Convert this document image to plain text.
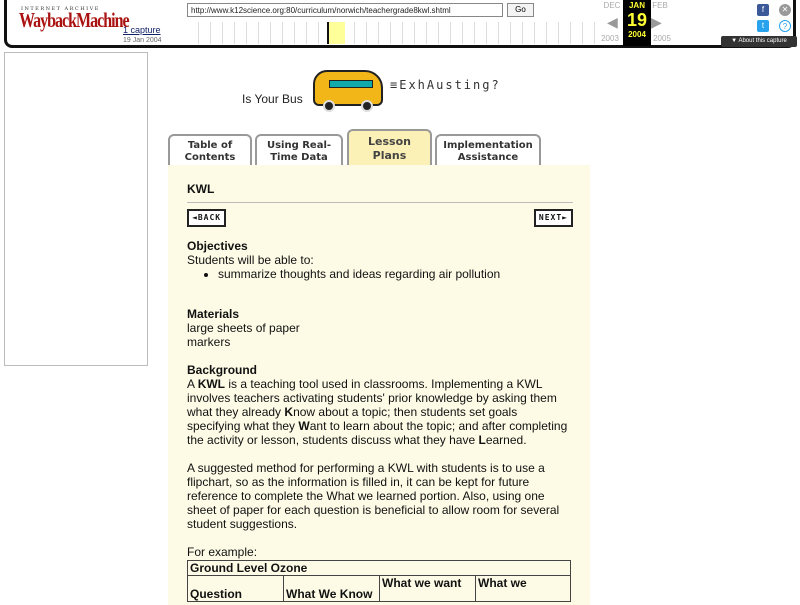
INTERNET ARCHIVE
WaybackMachine
1 capture
19 Jan 2004
http://www.k12science.org:80/curriculum/norwich/teachergrade8kwl.shtml
Go	DEC
◀
2003
JAN
19
2004
▶
FEB
2005
f	✕
t	?
▼ About this capture
Is Your Bus
≡ExhAusting?
Table of
Contents
Using Real-
Time Data
Lesson
Plans
Implementation
Assistance
KWL
◄BACK	NEXT►
Objectives
Students will be able to:
• summarize thoughts and ideas regarding air pollution
Materials
large sheets of paper
markers
Background

A KWL is a teaching tool used in classrooms. Implementing a KWL involves teachers activating students' prior knowledge by asking them what they already Know about a topic; then students set goals specifying what they Want to learn about the topic; and after completing the activity or lesson, students discuss what they have Learned.

A suggested method for performing a KWL with students is to use a flipchart, so as the information is filled in, it can be kept for future reference to complete the What we learned portion. Also, using one sheet of paper for each question is beneficial to allow room for several student suggestions.

For example:
Ground Level Ozone
Question	What We Know	What we want	What we
